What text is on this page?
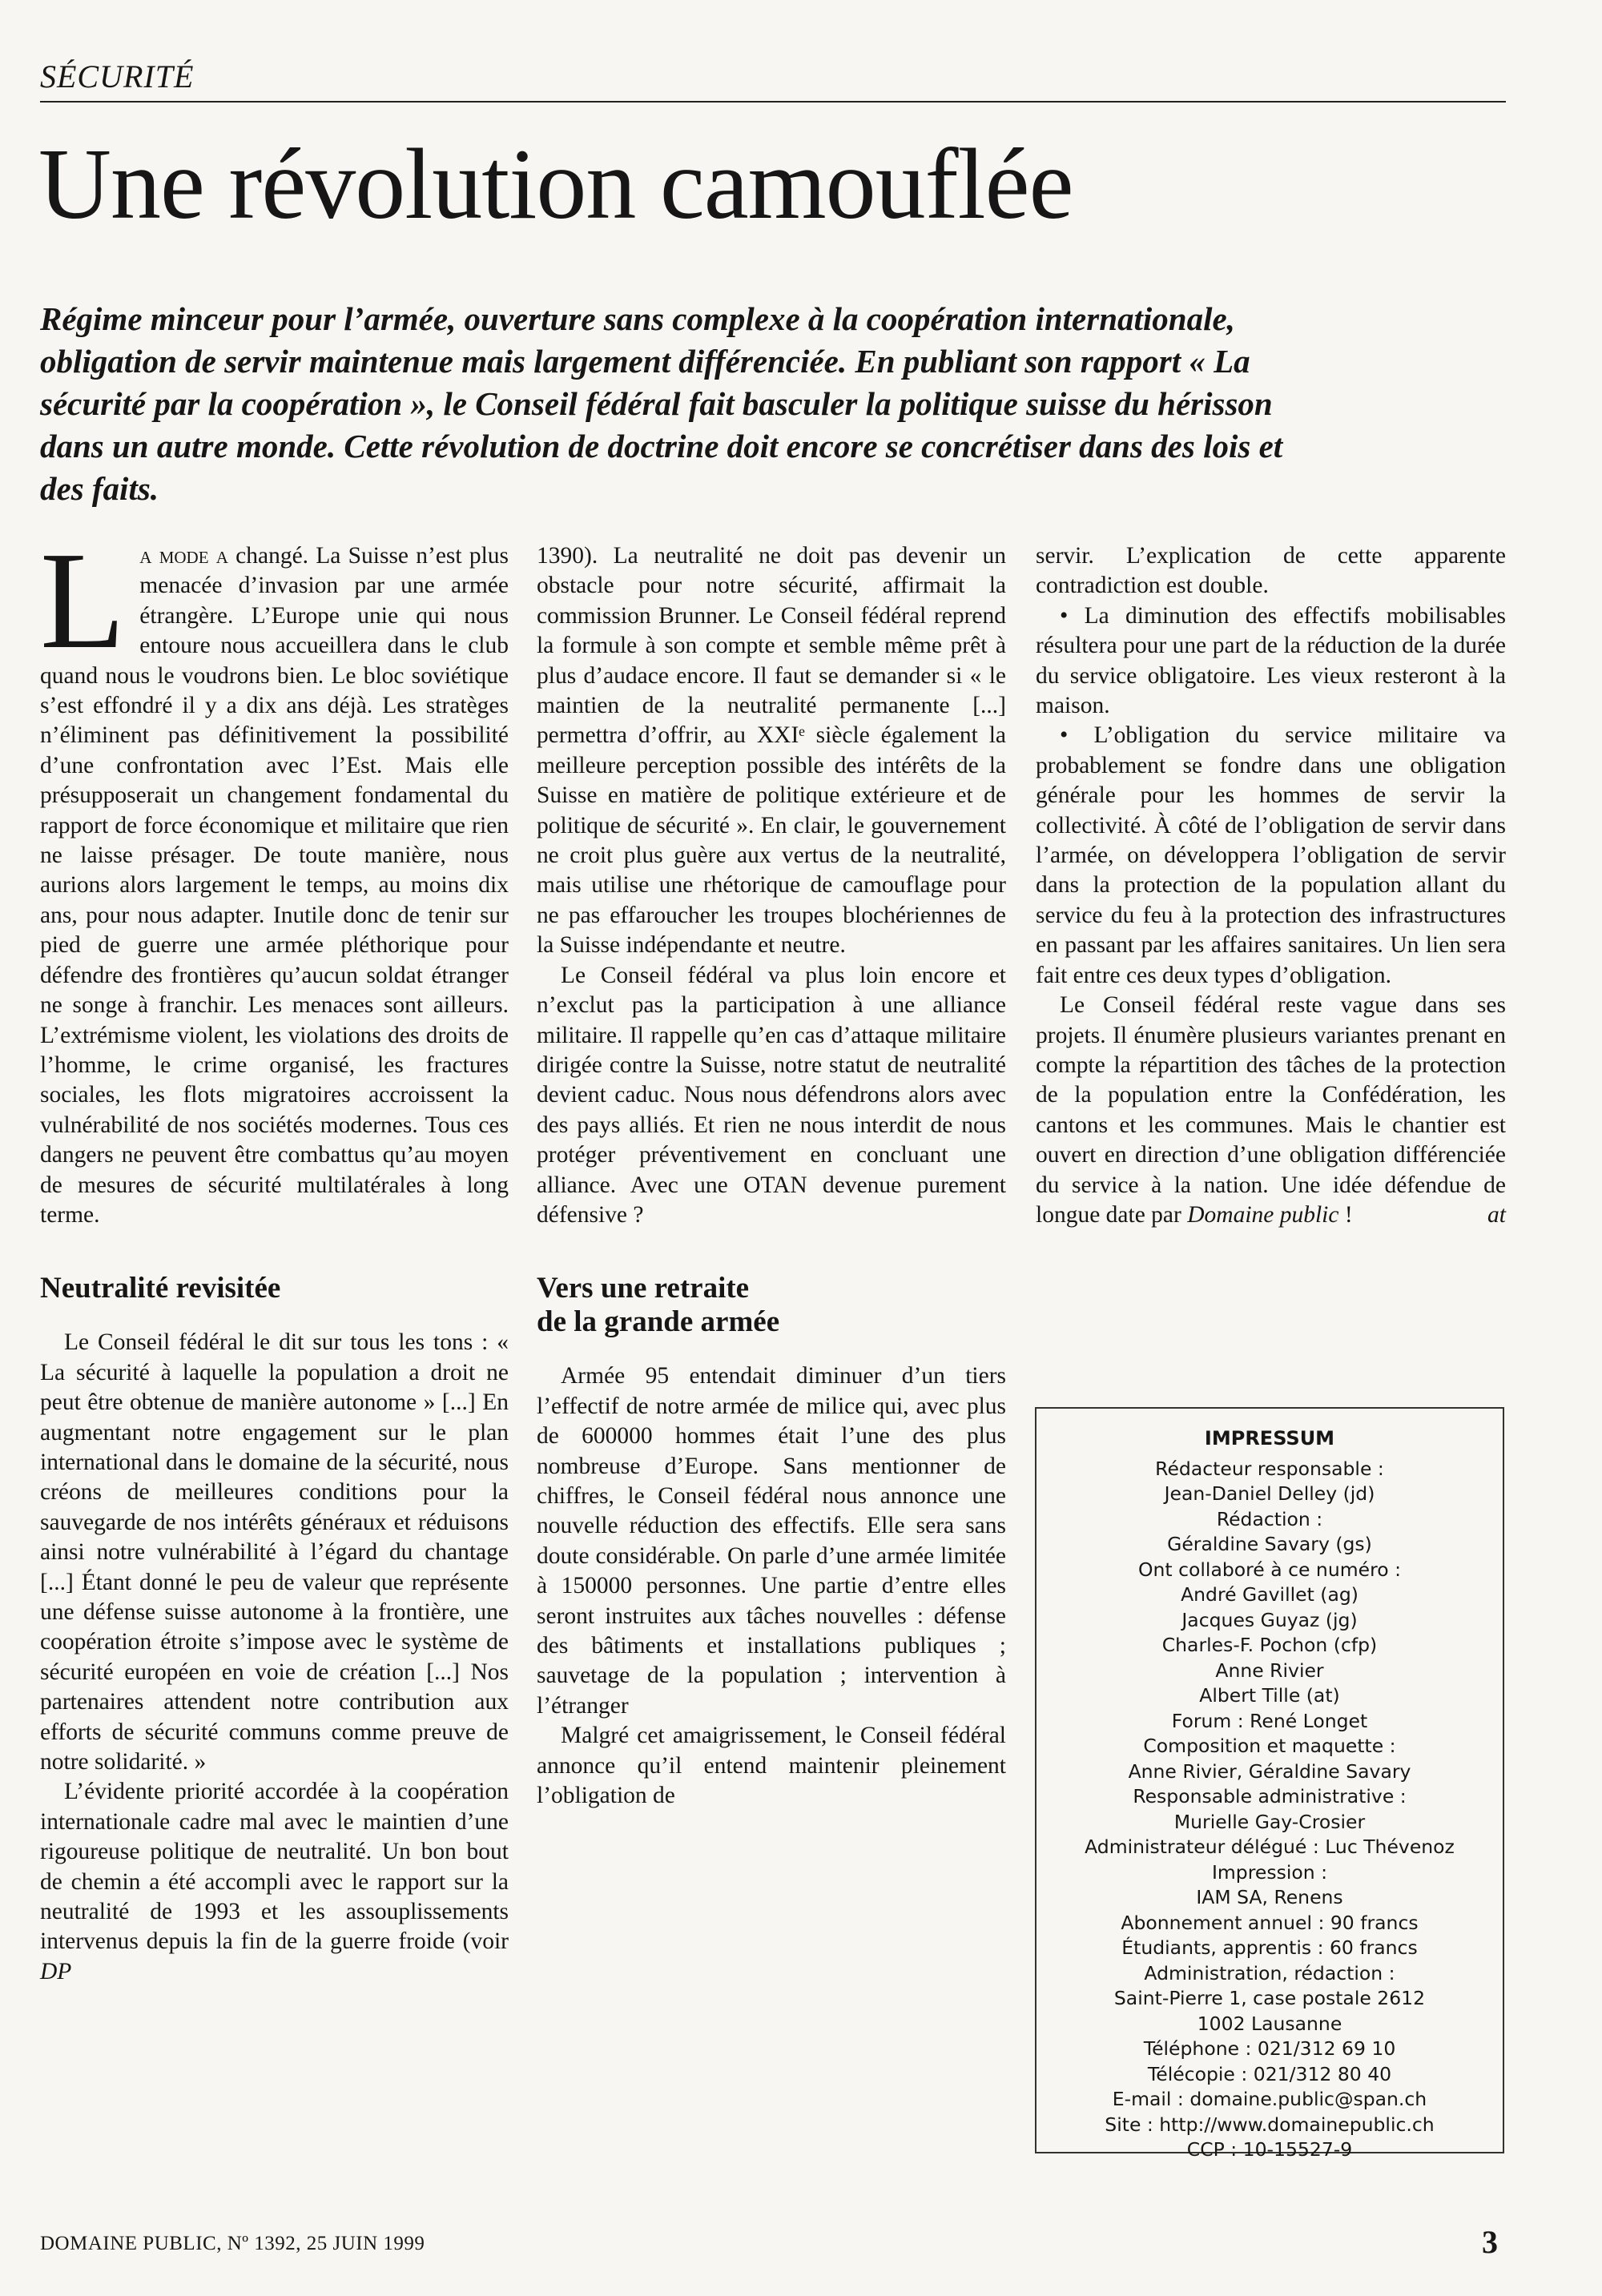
SÉCURITÉ
Une révolution camouflée

Régime minceur pour l’armée, ouverture sans complexe à la coopération internationale, obligation de servir maintenue mais largement différenciée. En publiant son rapport « La sécurité par la coopération », le Conseil fédéral fait basculer la politique suisse du hérisson dans un autre monde. Cette révolution de doctrine doit encore se concrétiser dans des lois et des faits.

La mode a changé. La Suisse n’est plus menacée d’invasion par une armée étrangère. L’Europe unie qui nous entoure nous accueillera dans le club quand nous le voudrons bien. Le bloc soviétique s’est effondré il y a dix ans déjà. Les stratèges n’éliminent pas définitivement la possibilité d’une confrontation avec l’Est. Mais elle présupposerait un changement fondamental du rapport de force économique et militaire que rien ne laisse présager. De toute manière, nous aurions alors largement le temps, au moins dix ans, pour nous adapter. Inutile donc de tenir sur pied de guerre une armée pléthorique pour défendre des frontières qu’aucun soldat étranger ne songe à franchir. Les menaces sont ailleurs. L’extrémisme violent, les violations des droits de l’homme, le crime organisé, les fractures sociales, les flots migratoires accroissent la vulnérabilité de nos sociétés modernes. Tous ces dangers ne peuvent être combattus qu’au moyen de mesures de sécurité multilatérales à long terme.

Neutralité revisitée

Le Conseil fédéral le dit sur tous les tons : « La sécurité à laquelle la population a droit ne peut être obtenue de manière autonome » [...] En augmentant notre engagement sur le plan international dans le domaine de la sécurité, nous créons de meilleures conditions pour la sauvegarde de nos intérêts généraux et réduisons ainsi notre vulnérabilité à l’égard du chantage [...] Étant donné le peu de valeur que représente une défense suisse autonome à la frontière, une coopération étroite s’impose avec le système de sécurité européen en voie de création [...] Nos partenaires attendent notre contribution aux efforts de sécurité communs comme preuve de notre solidarité. »

L’évidente priorité accordée à la coopération internationale cadre mal avec le maintien d’une rigoureuse politique de neutralité. Un bon bout de chemin a été accompli avec le rapport sur la neutralité de 1993 et les assouplissements intervenus depuis la fin de la guerre froide (voir DP

1390). La neutralité ne doit pas devenir un obstacle pour notre sécurité, affirmait la commission Brunner. Le Conseil fédéral reprend la formule à son compte et semble même prêt à plus d’audace encore. Il faut se demander si « le maintien de la neutralité permanente [...] permettra d’offrir, au XXIᵉ siècle également la meilleure perception possible des intérêts de la Suisse en matière de politique extérieure et de politique de sécurité ». En clair, le gouvernement ne croit plus guère aux vertus de la neutralité, mais utilise une rhétorique de camouflage pour ne pas effaroucher les troupes blochériennes de la Suisse indépendante et neutre.

Le Conseil fédéral va plus loin encore et n’exclut pas la participation à une alliance militaire. Il rappelle qu’en cas d’attaque militaire dirigée contre la Suisse, notre statut de neutralité devient caduc. Nous nous défendrons alors avec des pays alliés. Et rien ne nous interdit de nous protéger préventivement en concluant une alliance. Avec une OTAN devenue purement défensive ?

Vers une retraite
de la grande armée

Armée 95 entendait diminuer d’un tiers l’effectif de notre armée de milice qui, avec plus de 600000 hommes était l’une des plus nombreuse d’Europe. Sans mentionner de chiffres, le Conseil fédéral nous annonce une nouvelle réduction des effectifs. Elle sera sans doute considérable. On parle d’une armée limitée à 150000 personnes. Une partie d’entre elles seront instruites aux tâches nouvelles : défense des bâtiments et installations publiques ; sauvetage de la population ; intervention à l’étranger

Malgré cet amaigrissement, le Conseil fédéral annonce qu’il entend maintenir pleinement l’obligation de

servir. L’explication de cette apparente contradiction est double.

• La diminution des effectifs mobilisables résultera pour une part de la réduction de la durée du service obligatoire. Les vieux resteront à la maison.

• L’obligation du service militaire va probablement se fondre dans une obligation générale pour les hommes de servir la collectivité. À côté de l’obligation de servir dans l’armée, on développera l’obligation de servir dans la protection de la population allant du service du feu à la protection des infrastructures en passant par les affaires sanitaires. Un lien sera fait entre ces deux types d’obligation.

Le Conseil fédéral reste vague dans ses projets. Il énumère plusieurs variantes prenant en compte la répartition des tâches de la protection de la population entre la Confédération, les cantons et les communes. Mais le chantier est ouvert en direction d’une obligation différenciée du service à la nation. Une idée défendue de longue date par Domaine public !	at

IMPRESSUM
Rédacteur responsable :
Jean-Daniel Delley (jd)
Rédaction :
Géraldine Savary (gs)
Ont collaboré à ce numéro :
André Gavillet (ag)
Jacques Guyaz (jg)
Charles-F. Pochon (cfp)
Anne Rivier
Albert Tille (at)
Forum : René Longet
Composition et maquette :
Anne Rivier, Géraldine Savary
Responsable administrative :
Murielle Gay-Crosier
Administrateur délégué : Luc Thévenoz
Impression :
IAM SA, Renens
Abonnement annuel : 90 francs
Étudiants, apprentis : 60 francs
Administration, rédaction :
Saint-Pierre 1, case postale 2612
1002 Lausanne
Téléphone : 021/312 69 10
Télécopie : 021/312 80 40
E-mail : domaine.public@span.ch
Site : http://www.domainepublic.ch
CCP : 10-15527-9
DOMAINE PUBLIC, Nº 1392, 25 JUIN 1999	3
